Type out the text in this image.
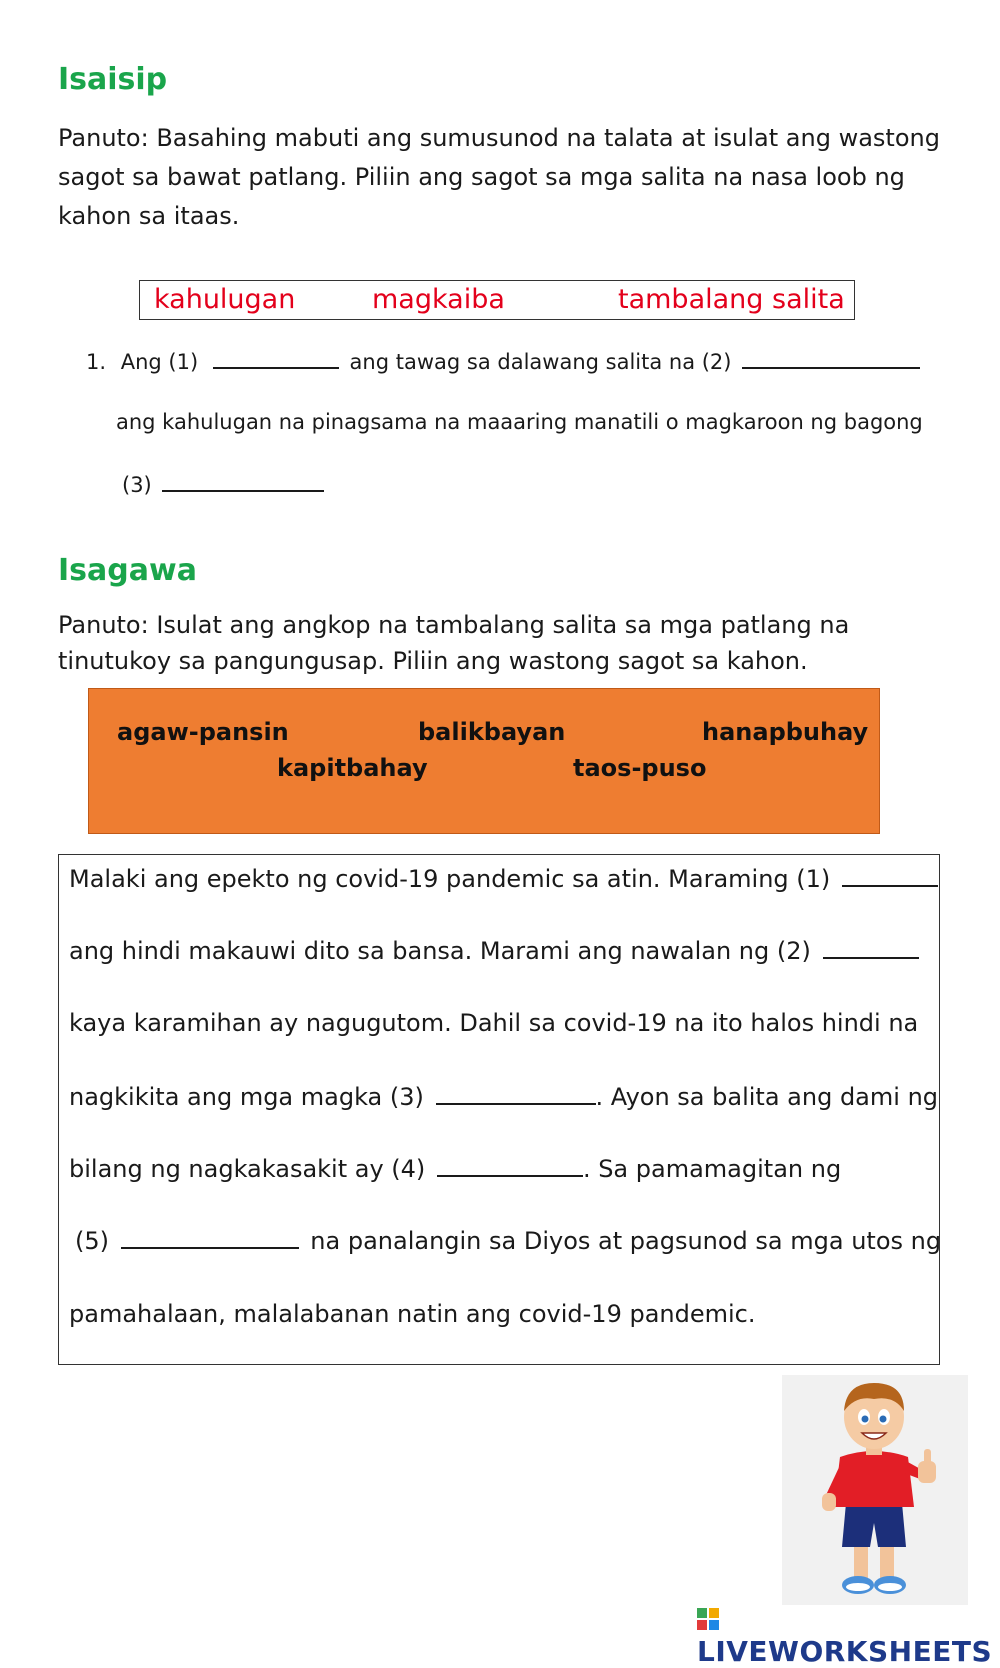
Isaisip
Panuto: Basahing mabuti ang sumusunod na talata at isulat ang wastong
sagot sa bawat patlang. Piliin ang sagot sa mga salita na nasa loob ng
kahon sa itaas.
kahulugan	magkaiba	tambalang salita
1. Ang (1)	ang tawag sa dalawang salita na (2)
ang kahulugan na pinagsama na maaaring manatili o magkaroon ng bagong
(3)
Isagawa
Panuto: Isulat ang angkop na tambalang salita sa mga patlang na
tinutukoy sa pangungusap. Piliin ang wastong sagot sa kahon.
agaw-pansin	balikbayan	hanapbuhay
kapitbahay	taos-puso
Malaki ang epekto ng covid-19 pandemic sa atin. Maraming (1)
ang hindi makauwi dito sa bansa. Marami ang nawalan ng (2)
kaya karamihan ay nagugutom. Dahil sa covid-19 na ito halos hindi na
nagkikita ang mga magka (3)	. Ayon sa balita ang dami ng
bilang ng nagkakasakit ay (4)	. Sa pamamagitan ng
(5)	na panalangin sa Diyos at pagsunod sa mga utos ng
pamahalaan, malalabanan natin ang covid-19 pandemic.
LIVEWORKSHEETS
